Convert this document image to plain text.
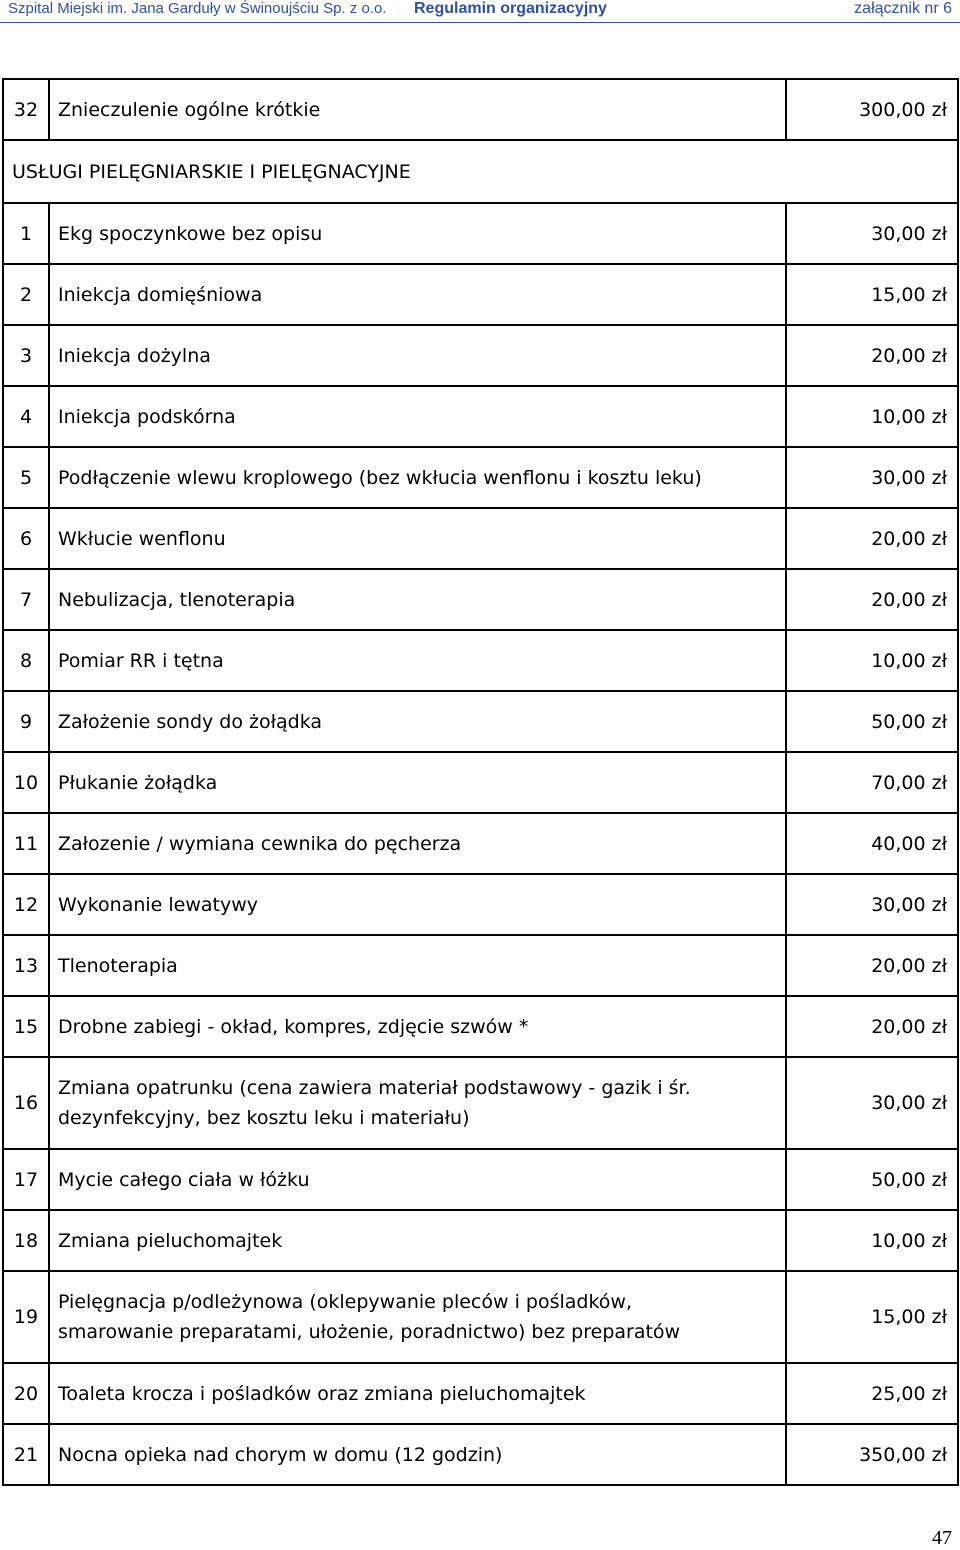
Szpital Miejski im. Jana Garduły w Świnoujściu Sp. z o.o. Regulamin organizacyjny	załącznik nr 6
32	Znieczulenie ogólne krótkie	300,00 zł
USŁUGI PIELĘGNIARSKIE I PIELĘGNACYJNE		
1	Ekg spoczynkowe bez opisu	30,00 zł
2	Iniekcja domięśniowa	15,00 zł
3	Iniekcja dożylna	20,00 zł
4	Iniekcja podskórna	10,00 zł
5	Podłączenie wlewu kroplowego (bez wkłucia wenflonu i kosztu leku)	30,00 zł
6	Wkłucie wenflonu	20,00 zł
7	Nebulizacja, tlenoterapia	20,00 zł
8	Pomiar RR i tętna	10,00 zł
9	Założenie sondy do żołądka	50,00 zł
10	Płukanie żołądka	70,00 zł
11	Załozenie / wymiana cewnika do pęcherza	40,00 zł
12	Wykonanie lewatywy	30,00 zł
13	Tlenoterapia	20,00 zł
15	Drobne zabiegi - okład, kompres, zdjęcie szwów *	20,00 zł
16	Zmiana opatrunku (cena zawiera materiał podstawowy - gazik i śr.
dezynfekcyjny, bez kosztu leku i materiału)	30,00 zł
17	Mycie całego ciała w łóżku	50,00 zł
18	Zmiana pieluchomajtek	10,00 zł
19	Pielęgnacja p/odleżynowa (oklepywanie pleców i pośladków,
smarowanie preparatami, ułożenie, poradnictwo) bez preparatów	15,00 zł
20	Toaleta krocza i pośladków oraz zmiana pieluchomajtek	25,00 zł
21	Nocna opieka nad chorym w domu (12 godzin)	350,00 zł
47
